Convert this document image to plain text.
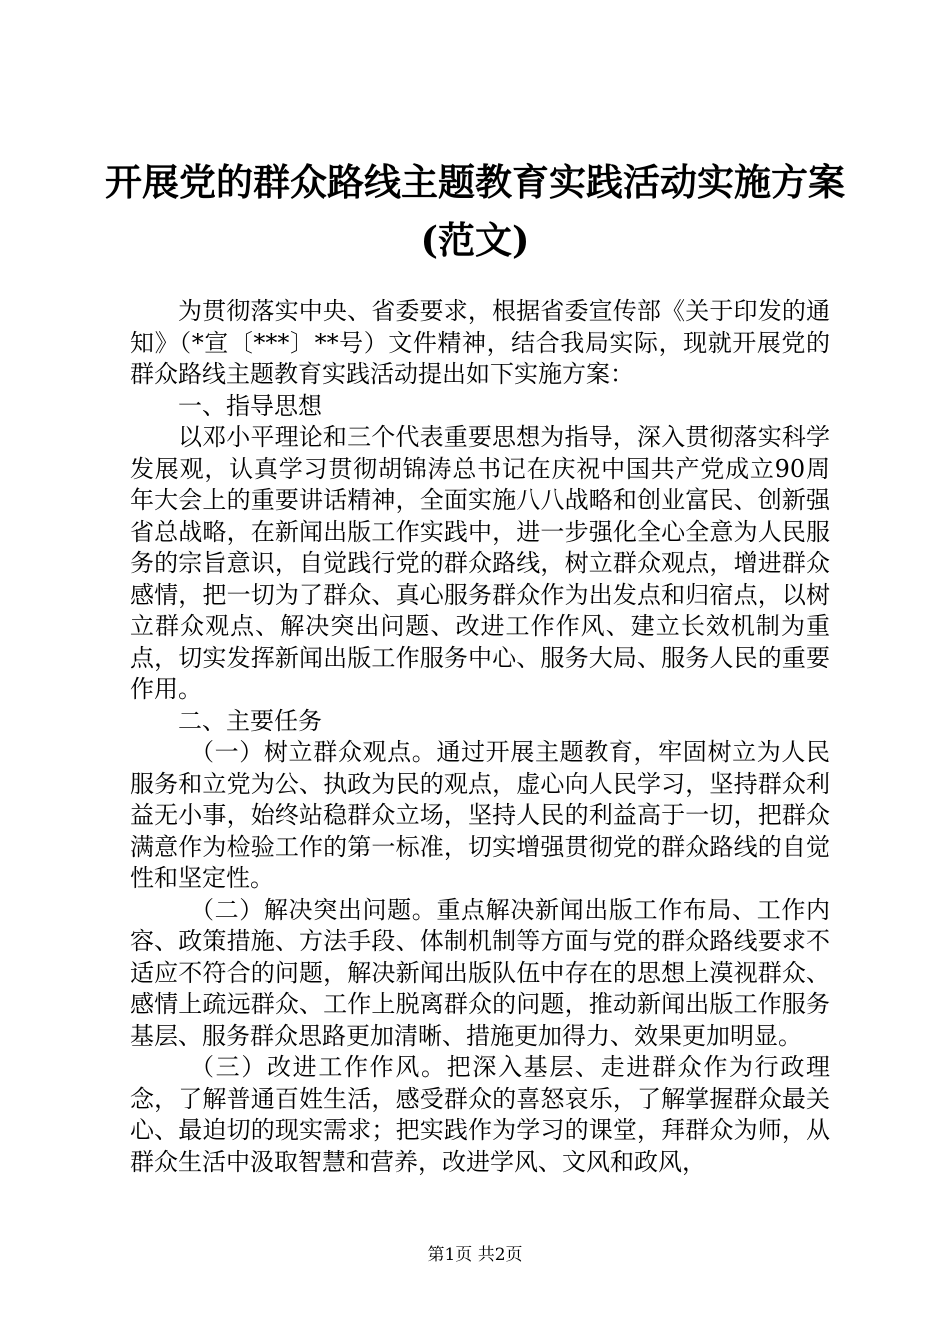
开展党的群众路线主题教育实践活动实施方案
(范文)

为贯彻落实中央、省委要求，根据省委宣传部《关于印发的通知》（*宣〔***〕**号）文件精神，结合我局实际，现就开展党的群众路线主题教育实践活动提出如下实施方案：

一、指导思想

以邓小平理论和三个代表重要思想为指导，深入贯彻落实科学发展观，认真学习贯彻胡锦涛总书记在庆祝中国共产党成立90周年大会上的重要讲话精神，全面实施八八战略和创业富民、创新强省总战略，在新闻出版工作实践中，进一步强化全心全意为人民服务的宗旨意识，自觉践行党的群众路线，树立群众观点，增进群众感情，把一切为了群众、真心服务群众作为出发点和归宿点，以树立群众观点、解决突出问题、改进工作作风、建立长效机制为重点，切实发挥新闻出版工作服务中心、服务大局、服务人民的重要作用。

二、主要任务

（一）树立群众观点。通过开展主题教育，牢固树立为人民服务和立党为公、执政为民的观点，虚心向人民学习，坚持群众利益无小事，始终站稳群众立场，坚持人民的利益高于一切，把群众满意作为检验工作的第一标准，切实增强贯彻党的群众路线的自觉性和坚定性。

（二）解决突出问题。重点解决新闻出版工作布局、工作内容、政策措施、方法手段、体制机制等方面与党的群众路线要求不适应不符合的问题，解决新闻出版队伍中存在的思想上漠视群众、感情上疏远群众、工作上脱离群众的问题，推动新闻出版工作服务基层、服务群众思路更加清晰、措施更加得力、效果更加明显。

（三）改进工作作风。把深入基层、走进群众作为行政理念，了解普通百姓生活，感受群众的喜怒哀乐，了解掌握群众最关心、最迫切的现实需求；把实践作为学习的课堂，拜群众为师，从群众生活中汲取智慧和营养，改进学风、文风和政风，

第1页 共2页
